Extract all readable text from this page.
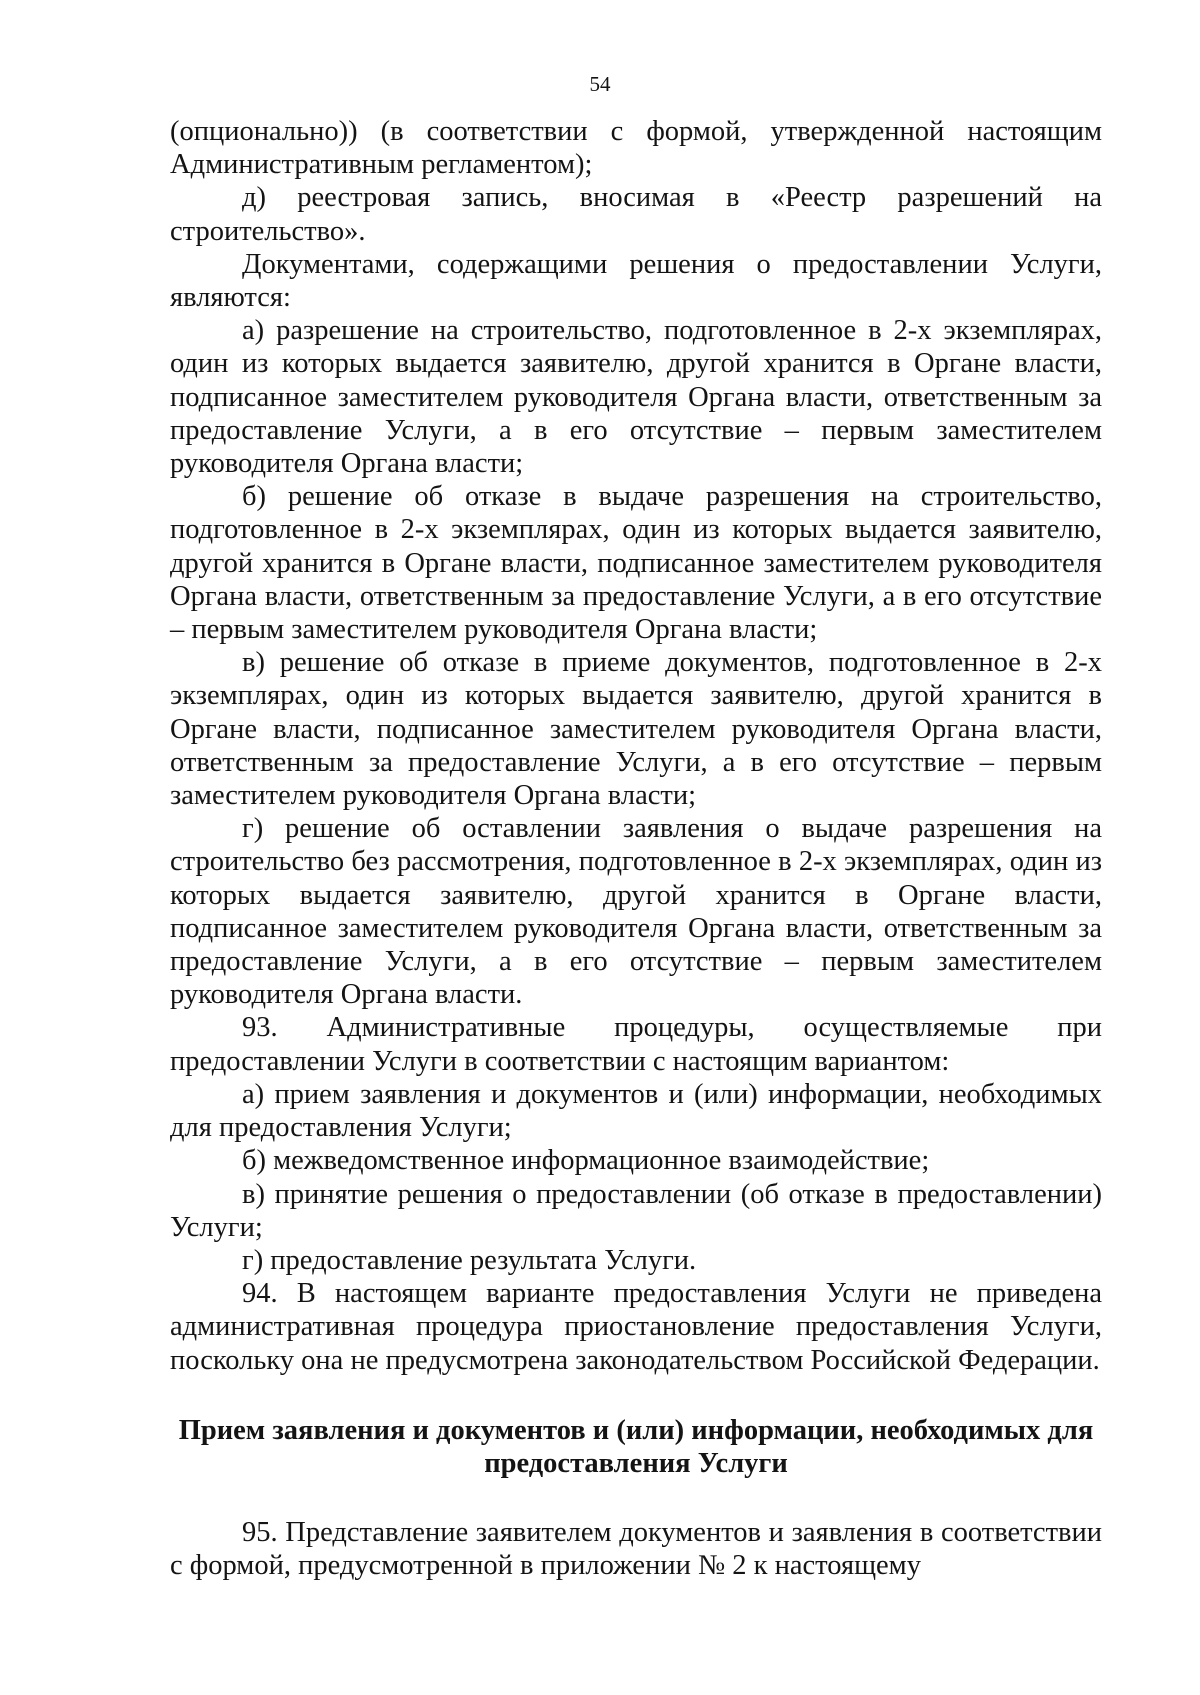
54

(опционально)) (в соответствии с формой, утвержденной настоящим Административным регламентом);

д) реестровая запись, вносимая в «Реестр разрешений на строительство».

Документами, содержащими решения о предоставлении Услуги, являются:

а) разрешение на строительство, подготовленное в 2-х экземплярах, один из которых выдается заявителю, другой хранится в Органе власти, подписанное заместителем руководителя Органа власти, ответственным за предоставление Услуги, а в его отсутствие – первым заместителем руководителя Органа власти;

б) решение об отказе в выдаче разрешения на строительство, подготовленное в 2-х экземплярах, один из которых выдается заявителю, другой хранится в Органе власти, подписанное заместителем руководителя Органа власти, ответственным за предоставление Услуги, а в его отсутствие – первым заместителем руководителя Органа власти;

в) решение об отказе в приеме документов, подготовленное в 2-х экземплярах, один из которых выдается заявителю, другой хранится в Органе власти, подписанное заместителем руководителя Органа власти, ответственным за предоставление Услуги, а в его отсутствие – первым заместителем руководителя Органа власти;

г) решение об оставлении заявления о выдаче разрешения на строительство без рассмотрения, подготовленное в 2-х экземплярах, один из которых выдается заявителю, другой хранится в Органе власти, подписанное заместителем руководителя Органа власти, ответственным за предоставление Услуги, а в его отсутствие – первым заместителем руководителя Органа власти.

93. Административные процедуры, осуществляемые при предоставлении Услуги в соответствии с настоящим вариантом:

а) прием заявления и документов и (или) информации, необходимых для предоставления Услуги;

б) межведомственное информационное взаимодействие;

в) принятие решения о предоставлении (об отказе в предоставлении) Услуги;

г) предоставление результата Услуги.

94. В настоящем варианте предоставления Услуги не приведена административная процедура приостановление предоставления Услуги, поскольку она не предусмотрена законодательством Российской Федерации.

Прием заявления и документов и (или) информации, необходимых для предоставления Услуги

95. Представление заявителем документов и заявления в соответствии с формой, предусмотренной в приложении № 2 к настоящему
